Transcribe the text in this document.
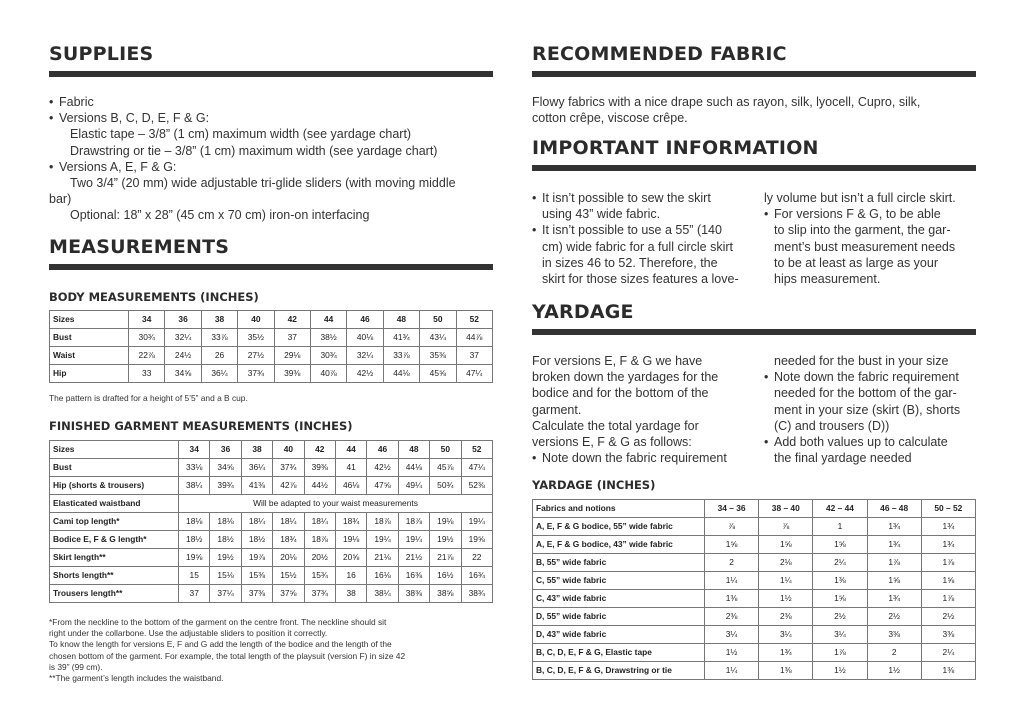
SUPPLIES
• Fabric
• Versions B, C, D, E, F & G:
Elastic tape – 3/8” (1 cm) maximum width (see yardage chart)
Drawstring or tie – 3/8” (1 cm) maximum width (see yardage chart)
• Versions A, E, F & G:
Two 3/4” (20 mm) wide adjustable tri-glide sliders (with moving middle
bar)
Optional: 18” x 28” (45 cm x 70 cm) iron-on interfacing
MEASUREMENTS
BODY MEASUREMENTS (INCHES)
Sizes	34	36	38	40	42	44	46	48	50	52
Bust	30¾	32¼	33⅞	35½	37	38½	40⅛	41¾	43¼	44⅞
Waist	22⅞	24½	26	27½	29⅛	30¾	32¼	33⅞	35⅜	37
Hip	33	34⅝	36¼	37¾	39⅜	40⅞	42½	44⅛	45⅝	47¼
The pattern is drafted for a height of 5’5” and a B cup.
FINISHED GARMENT MEASUREMENTS (INCHES)
Sizes	34	36	38	40	42	44	46	48	50	52
Bust	33⅛	34⅝	36¼	37¾	39⅜	41	42½	44⅛	45⅞	47¼
Hip (shorts & trousers)	38¼	39¾	41⅜	42⅞	44½	46⅛	47⅝	49¼	50¾	52⅜
Elasticated waistband	Will be adapted to your waist measurements									
Cami top length*	18⅛	18⅛	18¼	18¼	18¼	18¾	18⅞	18⅞	19⅛	19¼
Bodice E, F & G length*	18½	18½	18½	18¾	18⅞	19⅛	19¼	19¼	19½	19⅝
Skirt length**	19⅝	19½	19⅞	20⅛	20½	20⅝	21⅛	21½	21⅞	22
Shorts length**	15	15⅛	15⅜	15½	15¾	16	16⅛	16⅜	16½	16¾
Trousers length**	37	37¼	37⅜	37⅝	37¾	38	38¼	38⅜	38⅝	38¾
*From the neckline to the bottom of the garment on the centre front. The neckline should sit
right under the collarbone. Use the adjustable sliders to position it correctly.
To know the length for versions E, F and G add the length of the bodice and the length of the
chosen bottom of the garment. For example, the total length of the playsuit (version F) in size 42
is 39” (99 cm).
**The garment’s length includes the waistband.
RECOMMENDED FABRIC
Flowy fabrics with a nice drape such as rayon, silk, lyocell, Cupro, silk,
cotton crêpe, viscose crêpe.
IMPORTANT INFORMATION
• It isn’t possible to sew the skirt
using 43” wide fabric.
• It isn’t possible to use a 55” (140
cm) wide fabric for a full circle skirt
in sizes 46 to 52. Therefore, the
skirt for those sizes features a love-
ly volume but isn’t a full circle skirt.
• For versions F & G, to be able
to slip into the garment, the gar-
ment’s bust measurement needs
to be at least as large as your
hips measurement.
YARDAGE
For versions E, F & G we have
broken down the yardages for the
bodice and for the bottom of the
garment.
Calculate the total yardage for
versions E, F & G as follows:
• Note down the fabric requirement
needed for the bust in your size
• Note down the fabric requirement
needed for the bottom of the gar-
ment in your size (skirt (B), shorts
(C) and trousers (D))
• Add both values up to calculate
the final yardage needed
YARDAGE (INCHES)
Fabrics and notions	34 – 36	38 – 40	42 – 44	46 – 48	50 – 52
A, E, F & G bodice, 55” wide fabric	⅞	⅞	1	1¾	1¾
A, E, F & G bodice, 43” wide fabric	1⅝	1⅝	1⅝	1¾	1¾
B, 55” wide fabric	2	2⅛	2¼	1⅞	1⅞
C, 55” wide fabric	1¼	1¼	1⅜	1⅝	1⅝
C, 43” wide fabric	1⅜	1½	1⅝	1¾	1⅞
D, 55” wide fabric	2⅜	2⅜	2½	2½	2½
D, 43” wide fabric	3¼	3¼	3¼	3⅜	3⅜
B, C, D, E, F & G, Elastic tape	1½	1¾	1⅞	2	2¼
B, C, D, E, F & G, Drawstring or tie	1¼	1⅜	1½	1½	1⅜
